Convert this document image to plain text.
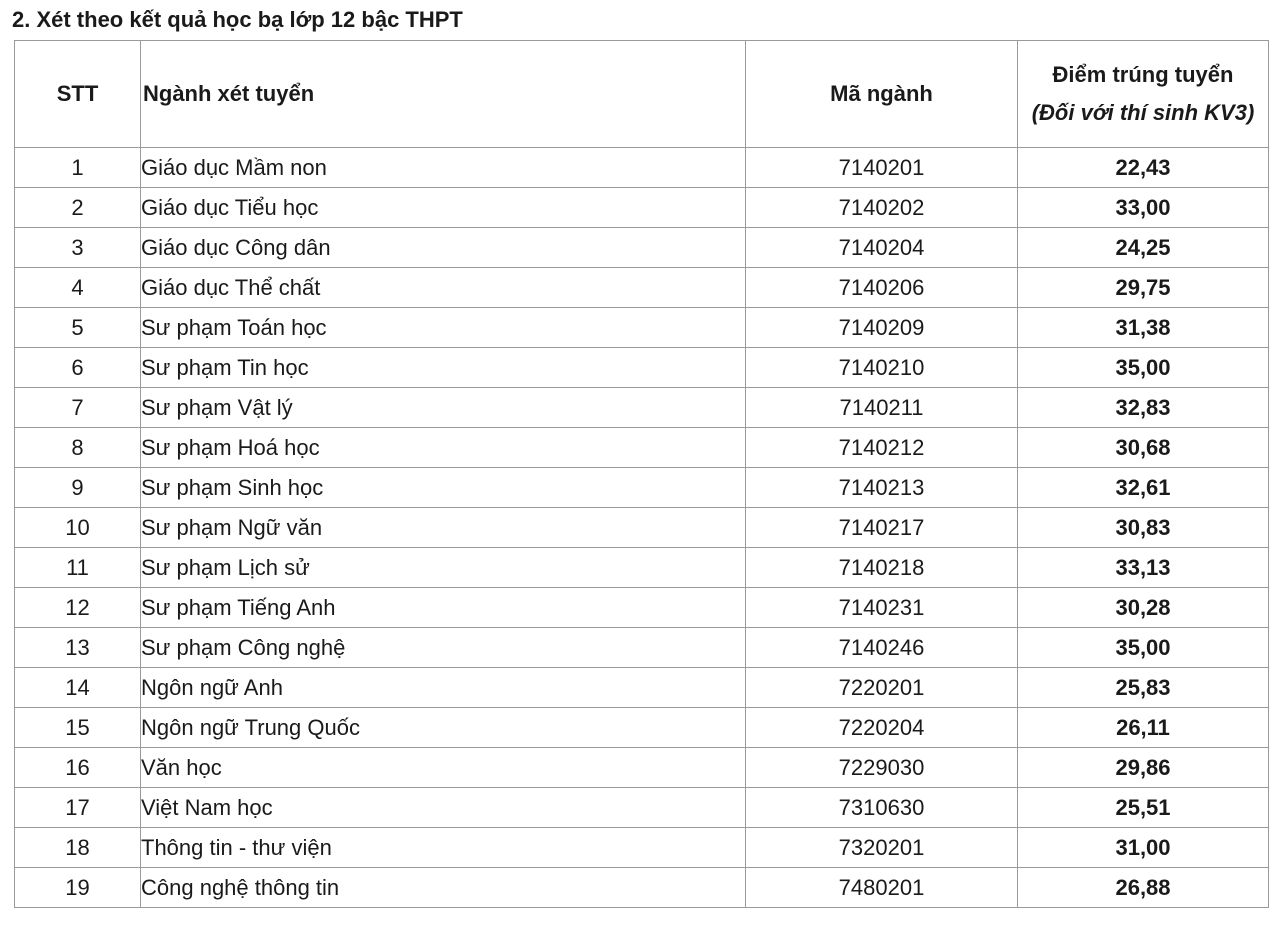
2. Xét theo kết quả học bạ lớp 12 bậc THPT
STT	Ngành xét tuyển	Mã ngành	Điểm trúng tuyển
(Đối với thí sinh KV3)

1	Giáo dục Mầm non	7140201	22,43
2	Giáo dục Tiểu học	7140202	33,00
3	Giáo dục Công dân	7140204	24,25
4	Giáo dục Thể chất	7140206	29,75
5	Sư phạm Toán học	7140209	31,38
6	Sư phạm Tin học	7140210	35,00
7	Sư phạm Vật lý	7140211	32,83
8	Sư phạm Hoá học	7140212	30,68
9	Sư phạm Sinh học	7140213	32,61
10	Sư phạm Ngữ văn	7140217	30,83
11	Sư phạm Lịch sử	7140218	33,13
12	Sư phạm Tiếng Anh	7140231	30,28
13	Sư phạm Công nghệ	7140246	35,00
14	Ngôn ngữ Anh	7220201	25,83
15	Ngôn ngữ Trung Quốc	7220204	26,11
16	Văn học	7229030	29,86
17	Việt Nam học	7310630	25,51
18	Thông tin - thư viện	7320201	31,00
19	Công nghệ thông tin	7480201	26,88
